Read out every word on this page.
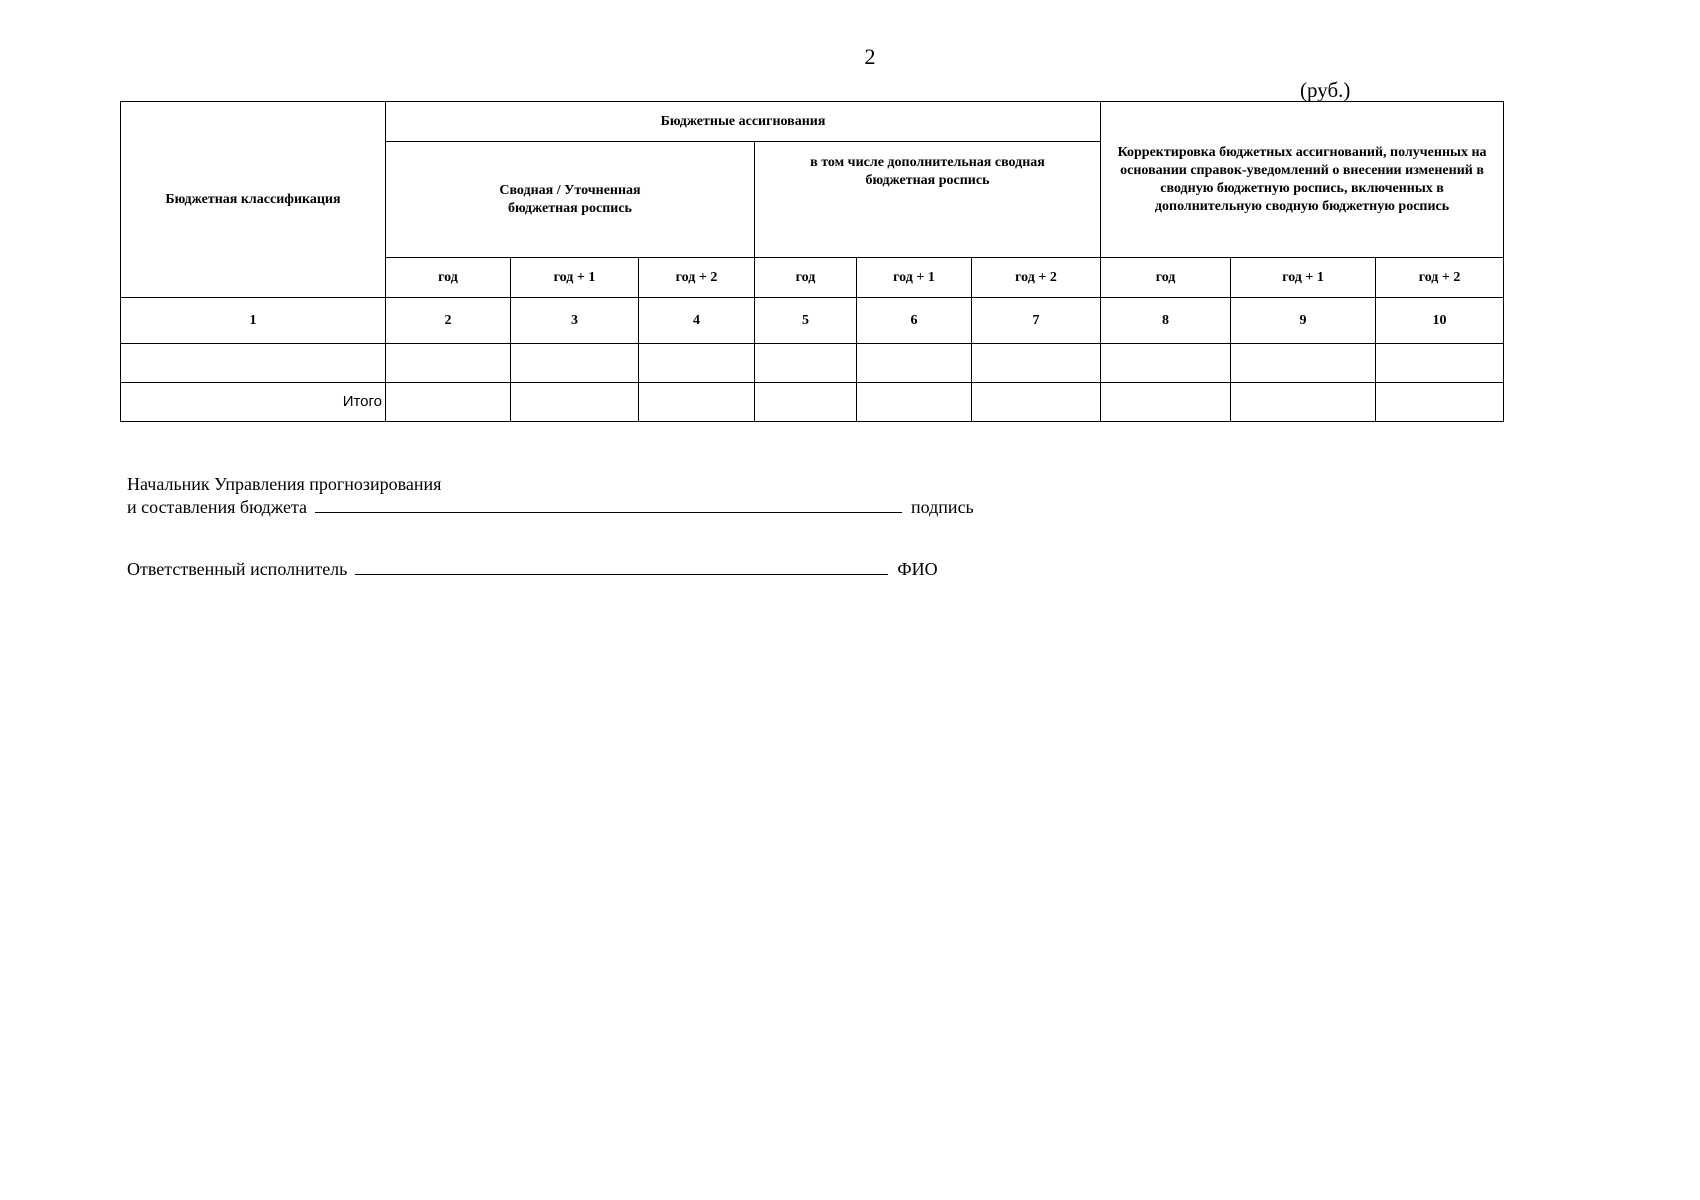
2
(руб.)
Бюджетная классификация	Бюджетные ассигнования						Корректировка бюджетных ассигнований, полученных на основании справок-уведомлений о внесении изменений в сводную бюджетную роспись, включенных в дополнительную сводную бюджетную роспись		

	Сводная / Уточненная бюджетная роспись			в том числе дополнительная сводная бюджетная роспись					

	год	год + 1	год + 2	год	год + 1	год + 2	год	год + 1	год + 2
1	2	3	4	5	6	7	8	9	10

Итого									
Начальник Управления прогнозирования
и составления бюджета	подпись
Ответственный исполнитель	ФИО
